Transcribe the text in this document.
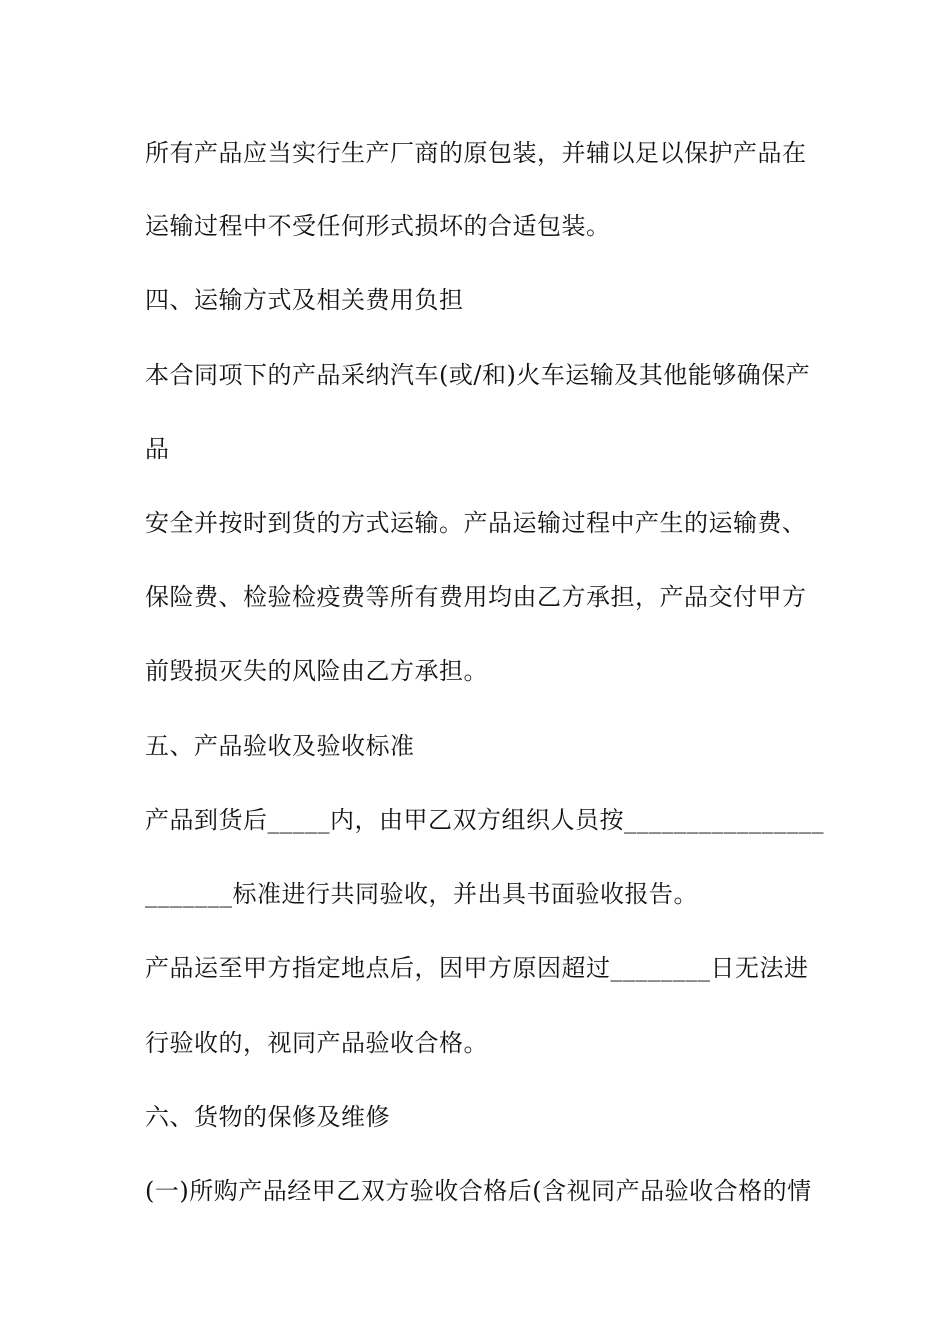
所有产品应当实行生产厂商的原包装，并辅以足以保护产品在
运输过程中不受任何形式损坏的合适包装。
四、运输方式及相关费用负担
本合同项下的产品采纳汽车(或/和)火车运输及其他能够确保产
品
安全并按时到货的方式运输。产品运输过程中产生的运输费、
保险费、检验检疫费等所有费用均由乙方承担，产品交付甲方
前毁损灭失的风险由乙方承担。
五、产品验收及验收标准
产品到货后_____内，由甲乙双方组织人员按________________
_______标准进行共同验收，并出具书面验收报告。
产品运至甲方指定地点后，因甲方原因超过________日无法进
行验收的，视同产品验收合格。
六、货物的保修及维修
(一)所购产品经甲乙双方验收合格后(含视同产品验收合格的情
